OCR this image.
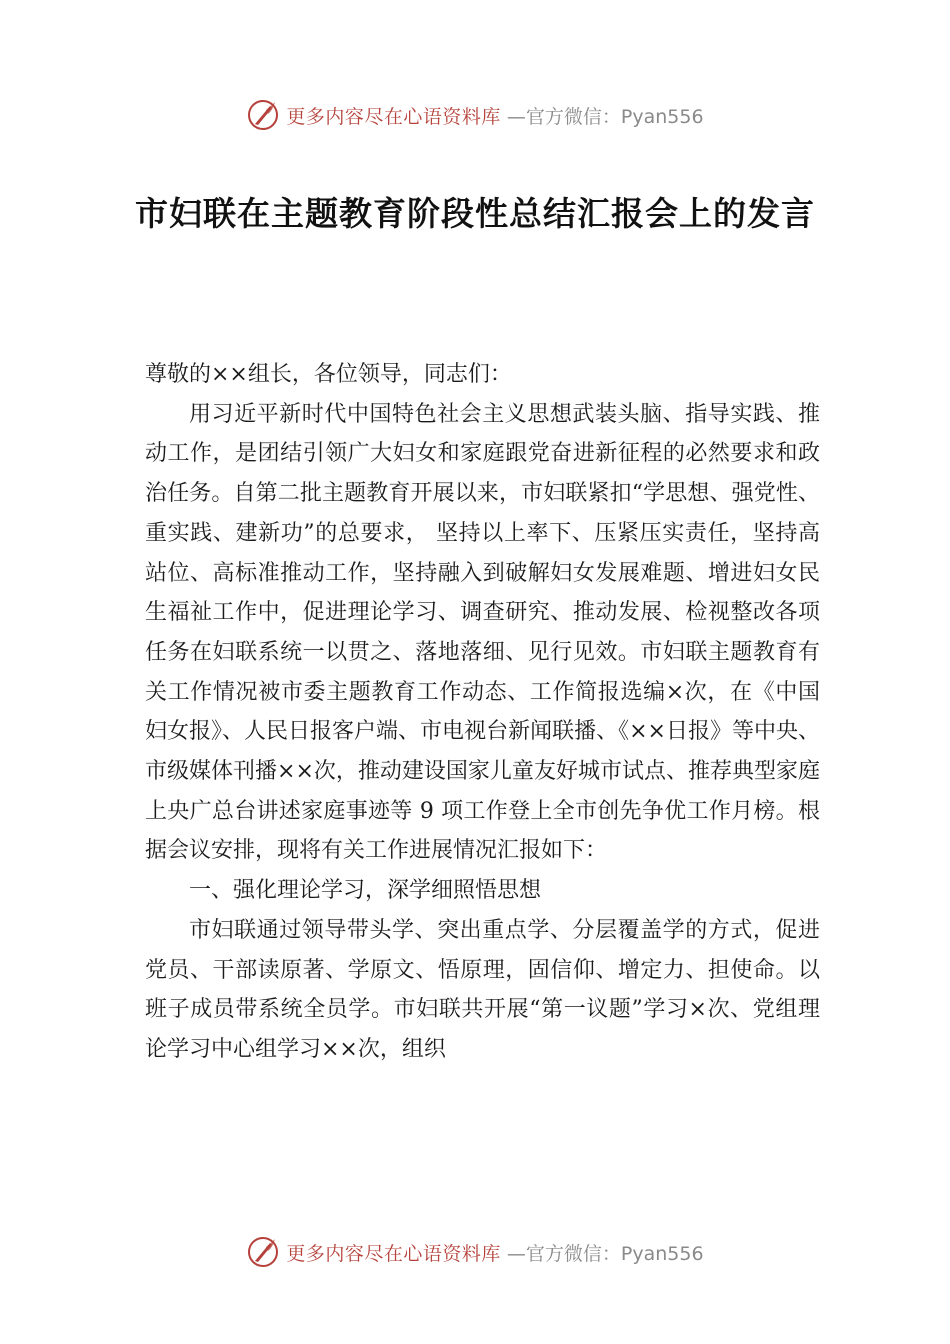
更多内容尽在心语资料库 —官方微信：Pyan556
市妇联在主题教育阶段性总结汇报会上的发言

尊敬的××组长，各位领导，同志们：

用习近平新时代中国特色社会主义思想武装头脑、指导实践、推动工作，是团结引领广大妇女和家庭跟党奋进新征程的必然要求和政治任务。自第二批主题教育开展以来，市妇联紧扣“学思想、强党性、重实践、建新功”的总要求， 坚持以上率下、压紧压实责任，坚持高站位、高标准推动工作，坚持融入到破解妇女发展难题、增进妇女民生福祉工作中，促进理论学习、调查研究、推动发展、检视整改各项任务在妇联系统一以贯之、落地落细、见行见效。市妇联主题教育有关工作情况被市委主题教育工作动态、工作简报选编×次，在《中国妇女报》、人民日报客户端、市电视台新闻联播、《××日报》等中央、市级媒体刊播××次，推动建设国家儿童友好城市试点、推荐典型家庭上央广总台讲述家庭事迹等 9 项工作登上全市创先争优工作月榜。根据会议安排，现将有关工作进展情况汇报如下：

一、强化理论学习，深学细照悟思想

市妇联通过领导带头学、突出重点学、分层覆盖学的方式，促进党员、干部读原著、学原文、悟原理，固信仰、增定力、担使命。以班子成员带系统全员学。市妇联共开展“第一议题”学习×次、党组理论学习中心组学习××次，组织

更多内容尽在心语资料库 —官方微信：Pyan556
